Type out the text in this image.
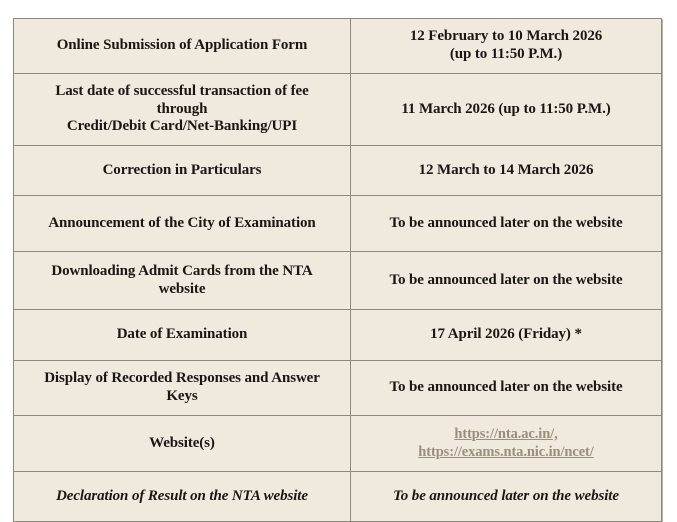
Online Submission of Application Form	12 February to 10 March 2026
(up to 11:50 P.M.)
Last date of successful transaction of fee
through
Credit/Debit Card/Net-Banking/UPI	11 March 2026 (up to 11:50 P.M.)
Correction in Particulars	12 March to 14 March 2026
Announcement of the City of Examination	To be announced later on the website
Downloading Admit Cards from the NTA
website	To be announced later on the website
Date of Examination	17 April 2026 (Friday) *
Display of Recorded Responses and Answer
Keys	To be announced later on the website
Website(s)	https://nta.ac.in/,
https://exams.nta.nic.in/ncet/

Declaration of Result on the NTA website	To be announced later on the website
